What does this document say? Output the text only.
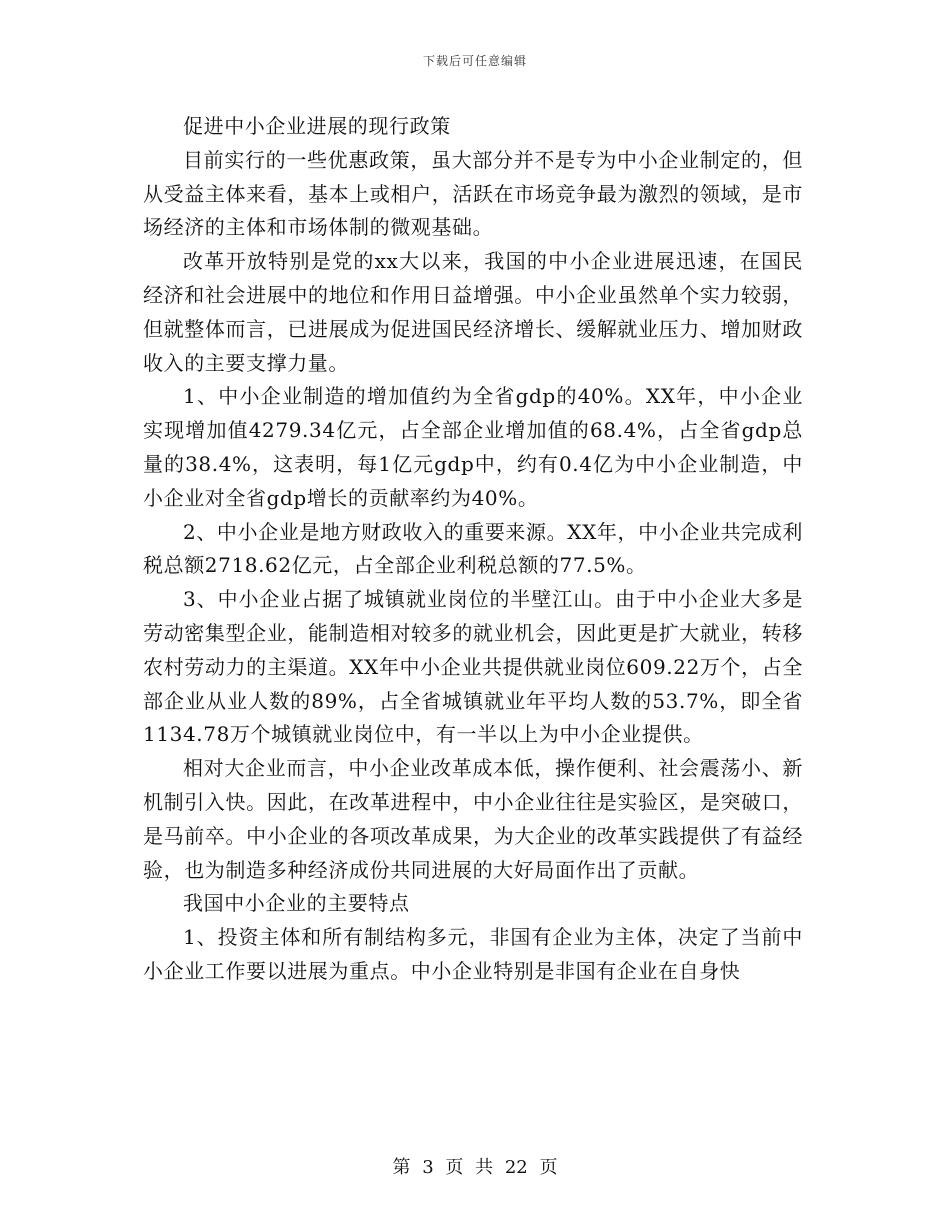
下载后可任意编辑

促进中小企业进展的现行政策

目前实行的一些优惠政策，虽大部分并不是专为中小企业制定的，但从受益主体来看，基本上或相户，活跃在市场竞争最为激烈的领域，是市场经济的主体和市场体制的微观基础。

改革开放特别是党的xx大以来，我国的中小企业进展迅速，在国民经济和社会进展中的地位和作用日益增强。中小企业虽然单个实力较弱，但就整体而言，已进展成为促进国民经济增长、缓解就业压力、增加财政收入的主要支撑力量。

1、中小企业制造的增加值约为全省gdp的40%。XX年，中小企业实现增加值4279.34亿元，占全部企业增加值的68.4%，占全省gdp总量的38.4%，这表明，每1亿元gdp中，约有0.4亿为中小企业制造，中小企业对全省gdp增长的贡献率约为40%。

2、中小企业是地方财政收入的重要来源。XX年，中小企业共完成利税总额2718.62亿元，占全部企业利税总额的77.5%。

3、中小企业占据了城镇就业岗位的半壁江山。由于中小企业大多是劳动密集型企业，能制造相对较多的就业机会，因此更是扩大就业，转移农村劳动力的主渠道。XX年中小企业共提供就业岗位609.22万个，占全部企业从业人数的89%，占全省城镇就业年平均人数的53.7%，即全省1134.78万个城镇就业岗位中，有一半以上为中小企业提供。

相对大企业而言，中小企业改革成本低，操作便利、社会震荡小、新机制引入快。因此，在改革进程中，中小企业往往是实验区，是突破口，是马前卒。中小企业的各项改革成果，为大企业的改革实践提供了有益经验，也为制造多种经济成份共同进展的大好局面作出了贡献。

我国中小企业的主要特点

1、投资主体和所有制结构多元，非国有企业为主体，决定了当前中小企业工作要以进展为重点。中小企业特别是非国有企业在自身快

第 3 页 共 22 页
